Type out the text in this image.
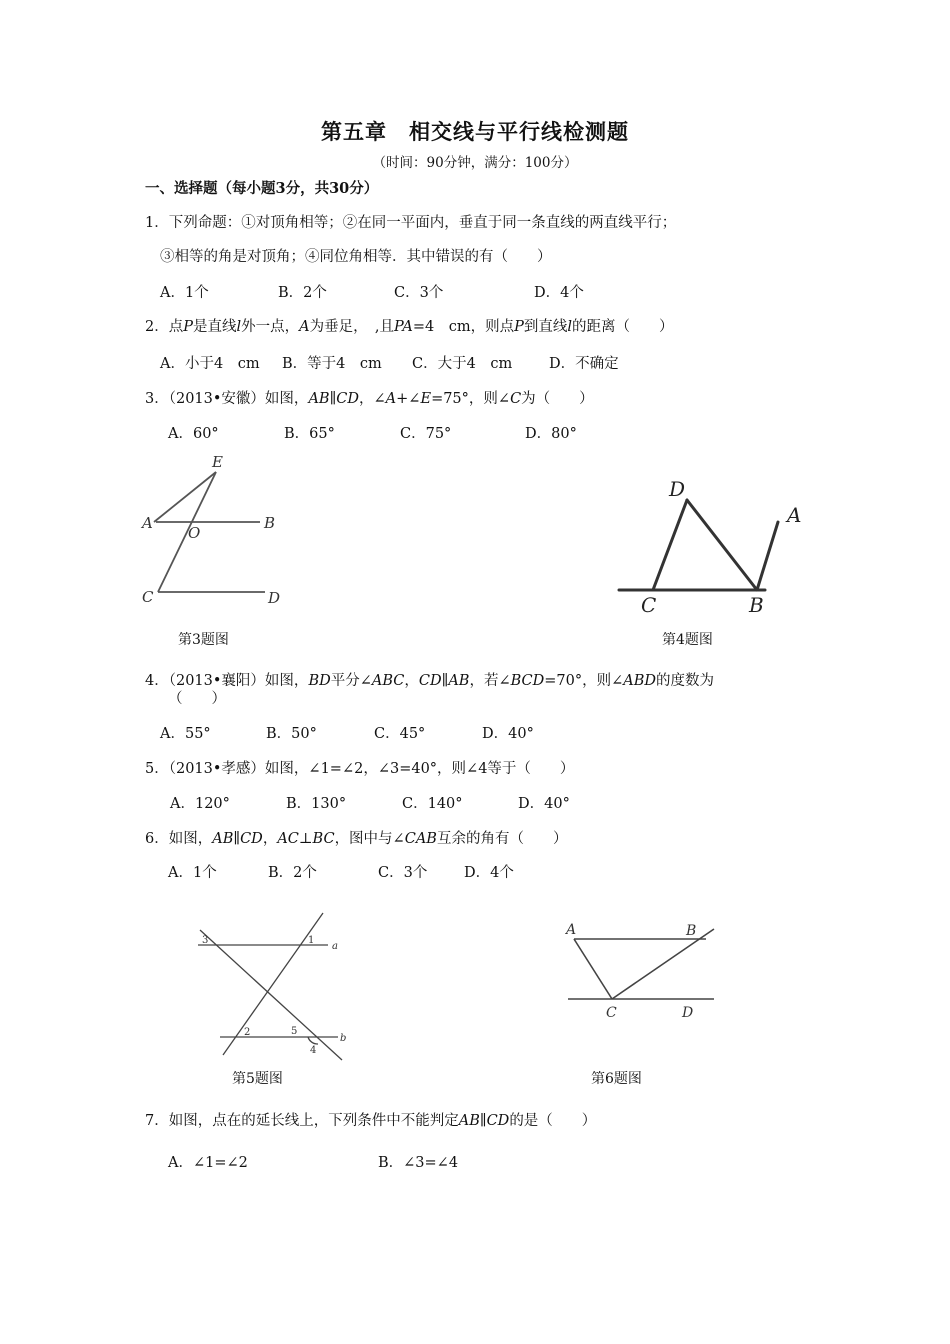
第五章　相交线与平行线检测题
（时间：90分钟，满分：100分）
一、选择题（每小题3分，共30分）
1．下列命题：①对顶角相等；②在同一平面内，垂直于同一条直线的两直线平行；
③相等的角是对顶角；④同位角相等．其中错误的有（　　）
A．1个	B．2个	C．3个	D．4个
2．点P是直线l外一点，A为垂足，　,且PA=4　cm，则点P到直线l的距离（　　）
A．小于4　cm B．等于4　cm C．大于4　cm	D．不确定
3．（2013•安徽）如图，AB∥CD，∠A+∠E=75°，则∠C为（　　）
A．60°	B．65°	C．75°	D．80°
E
A
O
B
C	D
第3题图
D
A
C	B
第4题图
4．（2013•襄阳）如图，BD平分∠ABC，CD∥AB，若∠BCD=70°，则∠ABD的度数为
（　　）
A．55°	B．50°	C．45°	D．40°
5．（2013•孝感）如图，∠1=∠2，∠3=40°，则∠4等于（　　）
A．120°	B．130°	C．140°	D．40°
6．如图，AB∥CD，AC⊥BC，图中与∠CAB互余的角有（　　）
A．1个	B．2个	C．3个	D．4个
3	1
a
2	5
4
b
第5题图
A	B
C	D
第6题图
7．如图，点在的延长线上，下列条件中不能判定AB∥CD的是（　　）
A．∠1=∠2	B．∠3=∠4
